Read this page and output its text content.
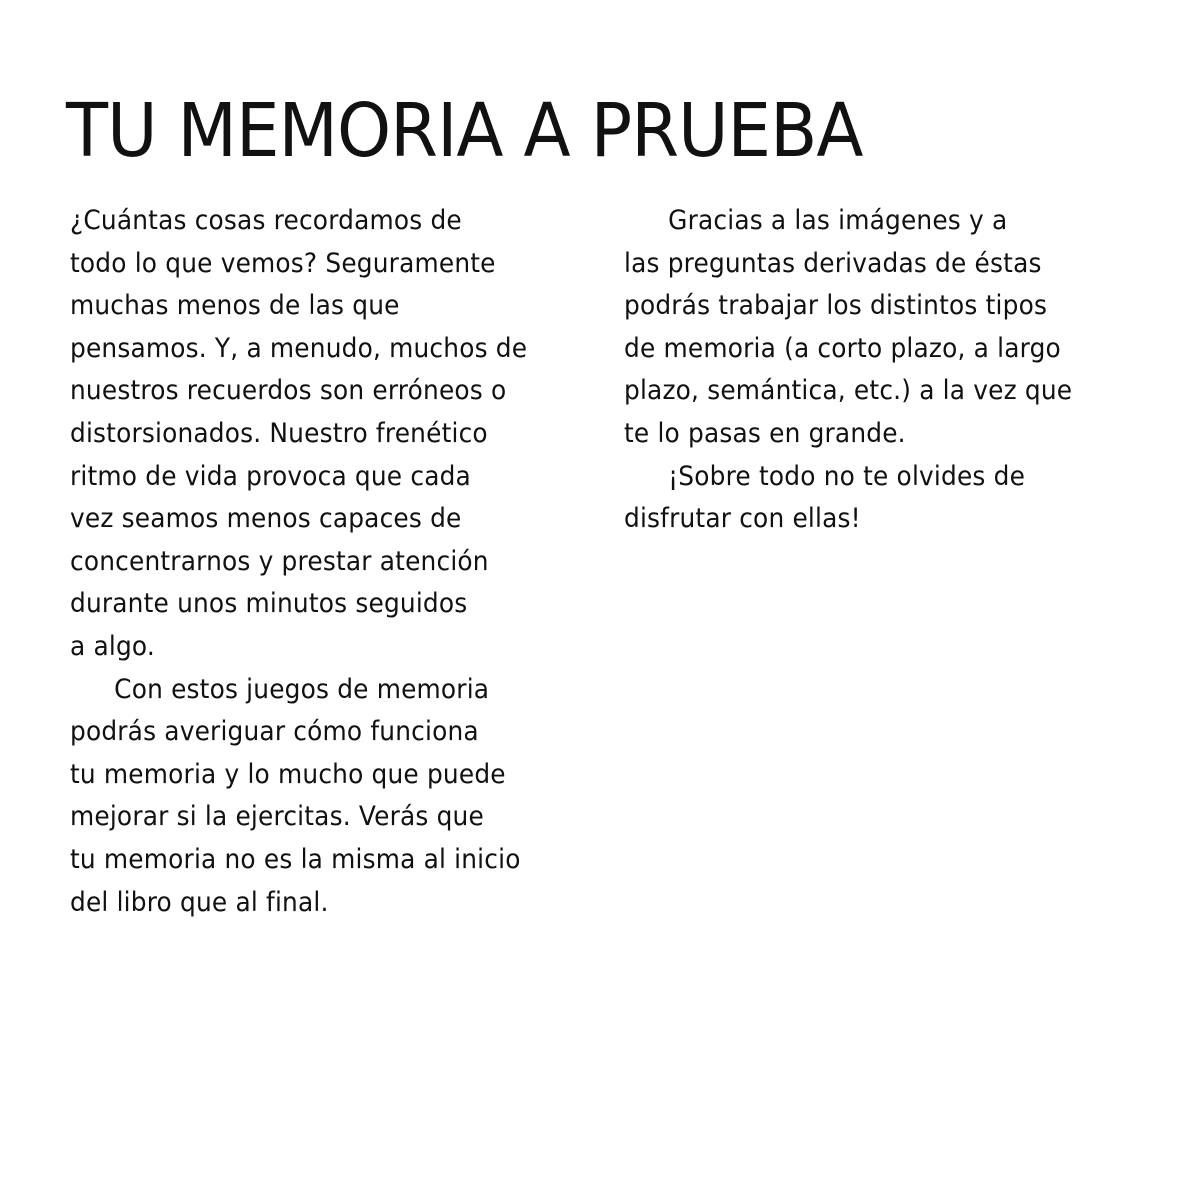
TU MEMORIA A PRUEBA
¿Cuántas cosas recordamos de
todo lo que vemos? Seguramente
muchas menos de las que
pensamos. Y, a menudo, muchos de
nuestros recuerdos son erróneos o
distorsionados. Nuestro frenético
ritmo de vida provoca que cada
vez seamos menos capaces de
concentrarnos y prestar atención
durante unos minutos seguidos
a algo.
Con estos juegos de memoria
podrás averiguar cómo funciona
tu memoria y lo mucho que puede
mejorar si la ejercitas. Verás que
tu memoria no es la misma al inicio
del libro que al final.
Gracias a las imágenes y a
las preguntas derivadas de éstas
podrás trabajar los distintos tipos
de memoria (a corto plazo, a largo
plazo, semántica, etc.) a la vez que
te lo pasas en grande.
¡Sobre todo no te olvides de
disfrutar con ellas!
